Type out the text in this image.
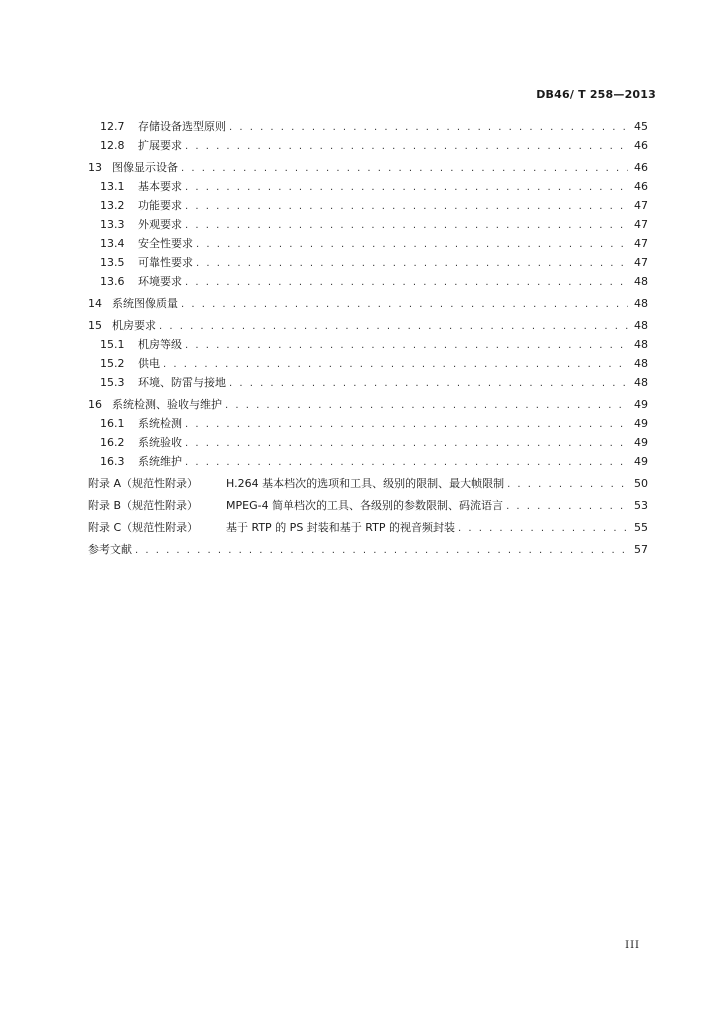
DB46/ T 258—2013
12.7	存储设备选型原则 . . .	45
12.8	扩展要求 . . .	46
13 图像显示设备 . . .	46
13.1	基本要求 . . .	46
13.2	功能要求 . . .	47
13.3	外观要求 . . .	47
13.4	安全性要求 . . .	47
13.5	可靠性要求 . . .	47
13.6	环境要求 . . .	48
14 系统图像质量 . . .	48
15 机房要求 . . .	48
15.1	机房等级 . . .	48
15.2	供电 . . .	48
15.3	环境、防雷与接地 . . .	48
16 系统检测、验收与维护 . . .	49
16.1	系统检测 . . .	49
16.2	系统验收 . . .	49
16.3	系统维护 . . .	49
附录 A（规范性附录）	H.264 基本档次的选项和工具、级别的限制、最大帧限制 . . .	50
附录 B（规范性附录）	MPEG-4 简单档次的工具、各级别的参数限制、码流语言 . . .	53
附录 C（规范性附录）	基于 RTP 的 PS 封装和基于 RTP 的视音频封装 . . .	55
参考文献 . . .	57
III
